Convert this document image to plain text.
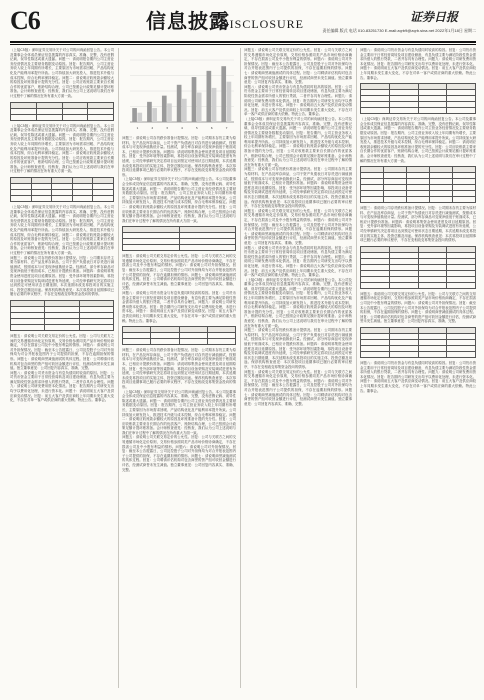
C6	信息披露
DISCLOSURE	证券日报
责任编辑 版式 电话 010-83251730 E-mail:zqrb9@zqrb.sina.net 2022年1月18日 星期二
（上接C5版）深圳证券交易所关于对公司的问询函回复公告。本公司及董事会全体成员保证信息披露的内容真实、准确、完整，没有虚假记载、误导性陈述或重大遗漏。问题一：请说明报告期内公司主营业务经营情况及主要财务数据变动原因。回复：报告期内，公司主营业务收入较上年同期有所增长，主要原因为市场需求回暖、产品结构优化及产能利用率提升所致。公司持续加大研发投入，推进技术升级与成本控制，综合毛利率保持稳定。问题二：请说明应收账款余额较大的原因及坏账准备计提的充分性。回复：公司应收账款主要来自长期合作的优质客户，账龄结构合理，公司已按照会计政策足额计提坏账准备。会计师核查意见：经核查，我们认为公司上述说明与我们在审计过程中了解的情况在所有重大方面一致。

（上接C5版）深圳证券交易所关于对公司的问询函回复公告。本公司及董事会全体成员保证信息披露的内容真实、准确、完整，没有虚假记载、误导性陈述或重大遗漏。问题一：请说明报告期内公司主营业务经营情况及主要财务数据变动原因。回复：报告期内，公司主营业务收入较上年同期有所增长，主要原因为市场需求回暖、产品结构优化及产能利用率提升所致。公司持续加大研发投入，推进技术升级与成本控制，综合毛利率保持稳定。问题二：请说明应收账款余额较大的原因及坏账准备计提的充分性。回复：公司应收账款主要来自长期合作的优质客户，账龄结构合理，公司已按照会计政策足额计提坏账准备。会计师核查意见：经核查，我们认为公司上述说明与我们在审计过程中了解的情况在所有重大方面一致。

（上接C5版）深圳证券交易所关于对公司的问询函回复公告。本公司及董事会全体成员保证信息披露的内容真实、准确、完整，没有虚假记载、误导性陈述或重大遗漏。问题一：请说明报告期内公司主营业务经营情况及主要财务数据变动原因。回复：报告期内，公司主营业务收入较上年同期有所增长，主要原因为市场需求回暖、产品结构优化及产能利用率提升所致。公司持续加大研发投入，推进技术升级与成本控制，综合毛利率保持稳定。问题二：请说明应收账款余额较大的原因及坏账准备计提的充分性。回复：公司应收账款主要来自长期合作的优质客户，账龄结构合理，公司已按照会计政策足额计提坏账准备。会计师核查意见：经核查，我们认为公司上述说明与我们在审计过程中了解的情况在所有重大方面一致。
问题三：请说明公司存货跌价准备计提情况。回复：公司期末存货主要为原材料、在产品及库存商品，公司于资产负债表日对存货进行减值测试，按照成本与可变现净值孰低计量。经测试，部分库存商品可变现净值低于账面成本，已相应计提跌价准备。问题四：请说明募集资金使用进度及项目延期原因。回复：受外部环境等因素影响，募投项目设备采购及安装调试进度有所延缓，公司经审慎研究决定将项目达到预定可使用状态日期延期，本次延期未改变募投项目的实施主体、投资总额及用途。保荐机构核查意见：本次募投项目延期事项已履行必要的审议程序，不存在变相改变募集资金投向的情形。

问题五：请说明公司关联交易定价的公允性。回复：公司与关联方之间的交易遵循市场化定价原则，交易价格参照同类产品市场价格协商确定，不存在损害公司及中小股东利益的情形。问题六：请说明公司对外担保情况。回复：截至本公告披露日，公司及控股子公司对外担保均为对合并报表范围内子公司提供的担保，不存在逾期担保的情形。问题七：请说明商誉减值测试的具体过程。回复：公司聘请评估机构对包含商誉的资产组可收回金额进行评估，经测试商誉未发生减值。独立董事意见：公司回复内容真实、准确、完整。
问题八：请说明公司货币资金与有息负债同时较高的原因。回复：公司货币资金主要用于日常经营周转及项目建设储备，有息负债主要为满足阶段性资金需求所借入的银行贷款，二者并存具有合理性。问题九：请说明公司研发费用资本化情况。回复：报告期内公司研发支出均予以费用化处理，未进行资本化。问题十：请说明前五大客户及供应商变动情况。回复：前五大客户及供应商较上年同期未发生重大变化，不存在对单一客户或供应商的重大依赖。特此公告。董事会。
1	2	3	4	5	6	7
问题三：请说明公司存货跌价准备计提情况。回复：公司期末存货主要为原材料、在产品及库存商品，公司于资产负债表日对存货进行减值测试，按照成本与可变现净值孰低计量。经测试，部分库存商品可变现净值低于账面成本，已相应计提跌价准备。问题四：请说明募集资金使用进度及项目延期原因。回复：受外部环境等因素影响，募投项目设备采购及安装调试进度有所延缓，公司经审慎研究决定将项目达到预定可使用状态日期延期，本次延期未改变募投项目的实施主体、投资总额及用途。保荐机构核查意见：本次募投项目延期事项已履行必要的审议程序，不存在变相改变募集资金投向的情形。
（上接C5版）深圳证券交易所关于对公司的问询函回复公告。本公司及董事会全体成员保证信息披露的内容真实、准确、完整，没有虚假记载、误导性陈述或重大遗漏。问题一：请说明报告期内公司主营业务经营情况及主要财务数据变动原因。回复：报告期内，公司主营业务收入较上年同期有所增长，主要原因为市场需求回暖、产品结构优化及产能利用率提升所致。公司持续加大研发投入，推进技术升级与成本控制，综合毛利率保持稳定。问题二：请说明应收账款余额较大的原因及坏账准备计提的充分性。回复：公司应收账款主要来自长期合作的优质客户，账龄结构合理，公司已按照会计政策足额计提坏账准备。会计师核查意见：经核查，我们认为公司上述说明与我们在审计过程中了解的情况在所有重大方面一致。

问题五：请说明公司关联交易定价的公允性。回复：公司与关联方之间的交易遵循市场化定价原则，交易价格参照同类产品市场价格协商确定，不存在损害公司及中小股东利益的情形。问题六：请说明公司对外担保情况。回复：截至本公告披露日，公司及控股子公司对外担保均为对合并报表范围内子公司提供的担保，不存在逾期担保的情形。问题七：请说明商誉减值测试的具体过程。回复：公司聘请评估机构对包含商誉的资产组可收回金额进行评估，经测试商誉未发生减值。独立董事意见：公司回复内容真实、准确、完整。
问题八：请说明公司货币资金与有息负债同时较高的原因。回复：公司货币资金主要用于日常经营周转及项目建设储备，有息负债主要为满足阶段性资金需求所借入的银行贷款，二者并存具有合理性。问题九：请说明公司研发费用资本化情况。回复：报告期内公司研发支出均予以费用化处理，未进行资本化。问题十：请说明前五大客户及供应商变动情况。回复：前五大客户及供应商较上年同期未发生重大变化，不存在对单一客户或供应商的重大依赖。特此公告。董事会。

问题三：请说明公司存货跌价准备计提情况。回复：公司期末存货主要为原材料、在产品及库存商品，公司于资产负债表日对存货进行减值测试，按照成本与可变现净值孰低计量。经测试，部分库存商品可变现净值低于账面成本，已相应计提跌价准备。问题四：请说明募集资金使用进度及项目延期原因。回复：受外部环境等因素影响，募投项目设备采购及安装调试进度有所延缓，公司经审慎研究决定将项目达到预定可使用状态日期延期，本次延期未改变募投项目的实施主体、投资总额及用途。保荐机构核查意见：本次募投项目延期事项已履行必要的审议程序，不存在变相改变募集资金投向的情形。
（上接C5版）深圳证券交易所关于对公司的问询函回复公告。本公司及董事会全体成员保证信息披露的内容真实、准确、完整，没有虚假记载、误导性陈述或重大遗漏。问题一：请说明报告期内公司主营业务经营情况及主要财务数据变动原因。回复：报告期内，公司主营业务收入较上年同期有所增长，主要原因为市场需求回暖、产品结构优化及产能利用率提升所致。公司持续加大研发投入，推进技术升级与成本控制，综合毛利率保持稳定。问题二：请说明应收账款余额较大的原因及坏账准备计提的充分性。回复：公司应收账款主要来自长期合作的优质客户，账龄结构合理，公司已按照会计政策足额计提坏账准备。会计师核查意见：经核查，我们认为公司上述说明与我们在审计过程中了解的情况在所有重大方面一致。
问题五：请说明公司关联交易定价的公允性。回复：公司与关联方之间的交易遵循市场化定价原则，交易价格参照同类产品市场价格协商确定，不存在损害公司及中小股东利益的情形。问题六：请说明公司对外担保情况。回复：截至本公告披露日，公司及控股子公司对外担保均为对合并报表范围内子公司提供的担保，不存在逾期担保的情形。问题七：请说明商誉减值测试的具体过程。回复：公司聘请评估机构对包含商誉的资产组可收回金额进行评估，经测试商誉未发生减值。独立董事意见：公司回复内容真实、准确、完整。
问题五：请说明公司关联交易定价的公允性。回复：公司与关联方之间的交易遵循市场化定价原则，交易价格参照同类产品市场价格协商确定，不存在损害公司及中小股东利益的情形。问题六：请说明公司对外担保情况。回复：截至本公告披露日，公司及控股子公司对外担保均为对合并报表范围内子公司提供的担保，不存在逾期担保的情形。问题七：请说明商誉减值测试的具体过程。回复：公司聘请评估机构对包含商誉的资产组可收回金额进行评估，经测试商誉未发生减值。独立董事意见：公司回复内容真实、准确、完整。
问题八：请说明公司货币资金与有息负债同时较高的原因。回复：公司货币资金主要用于日常经营周转及项目建设储备，有息负债主要为满足阶段性资金需求所借入的银行贷款，二者并存具有合理性。问题九：请说明公司研发费用资本化情况。回复：报告期内公司研发支出均予以费用化处理，未进行资本化。问题十：请说明前五大客户及供应商变动情况。回复：前五大客户及供应商较上年同期未发生重大变化，不存在对单一客户或供应商的重大依赖。特此公告。董事会。
（上接C5版）深圳证券交易所关于对公司的问询函回复公告。本公司及董事会全体成员保证信息披露的内容真实、准确、完整，没有虚假记载、误导性陈述或重大遗漏。问题一：请说明报告期内公司主营业务经营情况及主要财务数据变动原因。回复：报告期内，公司主营业务收入较上年同期有所增长，主要原因为市场需求回暖、产品结构优化及产能利用率提升所致。公司持续加大研发投入，推进技术升级与成本控制，综合毛利率保持稳定。问题二：请说明应收账款余额较大的原因及坏账准备计提的充分性。回复：公司应收账款主要来自长期合作的优质客户，账龄结构合理，公司已按照会计政策足额计提坏账准备。会计师核查意见：经核查，我们认为公司上述说明与我们在审计过程中了解的情况在所有重大方面一致。
问题三：请说明公司存货跌价准备计提情况。回复：公司期末存货主要为原材料、在产品及库存商品，公司于资产负债表日对存货进行减值测试，按照成本与可变现净值孰低计量。经测试，部分库存商品可变现净值低于账面成本，已相应计提跌价准备。问题四：请说明募集资金使用进度及项目延期原因。回复：受外部环境等因素影响，募投项目设备采购及安装调试进度有所延缓，公司经审慎研究决定将项目达到预定可使用状态日期延期，本次延期未改变募投项目的实施主体、投资总额及用途。保荐机构核查意见：本次募投项目延期事项已履行必要的审议程序，不存在变相改变募集资金投向的情形。
问题五：请说明公司关联交易定价的公允性。回复：公司与关联方之间的交易遵循市场化定价原则，交易价格参照同类产品市场价格协商确定，不存在损害公司及中小股东利益的情形。问题六：请说明公司对外担保情况。回复：截至本公告披露日，公司及控股子公司对外担保均为对合并报表范围内子公司提供的担保，不存在逾期担保的情形。问题七：请说明商誉减值测试的具体过程。回复：公司聘请评估机构对包含商誉的资产组可收回金额进行评估，经测试商誉未发生减值。独立董事意见：公司回复内容真实、准确、完整。
问题八：请说明公司货币资金与有息负债同时较高的原因。回复：公司货币资金主要用于日常经营周转及项目建设储备，有息负债主要为满足阶段性资金需求所借入的银行贷款，二者并存具有合理性。问题九：请说明公司研发费用资本化情况。回复：报告期内公司研发支出均予以费用化处理，未进行资本化。问题十：请说明前五大客户及供应商变动情况。回复：前五大客户及供应商较上年同期未发生重大变化，不存在对单一客户或供应商的重大依赖。特此公告。董事会。
（上接C5版）深圳证券交易所关于对公司的问询函回复公告。本公司及董事会全体成员保证信息披露的内容真实、准确、完整，没有虚假记载、误导性陈述或重大遗漏。问题一：请说明报告期内公司主营业务经营情况及主要财务数据变动原因。回复：报告期内，公司主营业务收入较上年同期有所增长，主要原因为市场需求回暖、产品结构优化及产能利用率提升所致。公司持续加大研发投入，推进技术升级与成本控制，综合毛利率保持稳定。问题二：请说明应收账款余额较大的原因及坏账准备计提的充分性。回复：公司应收账款主要来自长期合作的优质客户，账龄结构合理，公司已按照会计政策足额计提坏账准备。会计师核查意见：经核查，我们认为公司上述说明与我们在审计过程中了解的情况在所有重大方面一致。
问题三：请说明公司存货跌价准备计提情况。回复：公司期末存货主要为原材料、在产品及库存商品，公司于资产负债表日对存货进行减值测试，按照成本与可变现净值孰低计量。经测试，部分库存商品可变现净值低于账面成本，已相应计提跌价准备。问题四：请说明募集资金使用进度及项目延期原因。回复：受外部环境等因素影响，募投项目设备采购及安装调试进度有所延缓，公司经审慎研究决定将项目达到预定可使用状态日期延期，本次延期未改变募投项目的实施主体、投资总额及用途。保荐机构核查意见：本次募投项目延期事项已履行必要的审议程序，不存在变相改变募集资金投向的情形。
问题五：请说明公司关联交易定价的公允性。回复：公司与关联方之间的交易遵循市场化定价原则，交易价格参照同类产品市场价格协商确定，不存在损害公司及中小股东利益的情形。问题六：请说明公司对外担保情况。回复：截至本公告披露日，公司及控股子公司对外担保均为对合并报表范围内子公司提供的担保，不存在逾期担保的情形。问题七：请说明商誉减值测试的具体过程。回复：公司聘请评估机构对包含商誉的资产组可收回金额进行评估，经测试商誉未发生减值。独立董事意见：公司回复内容真实、准确、完整。
问题八：请说明公司货币资金与有息负债同时较高的原因。回复：公司货币资金主要用于日常经营周转及项目建设储备，有息负债主要为满足阶段性资金需求所借入的银行贷款，二者并存具有合理性。问题九：请说明公司研发费用资本化情况。回复：报告期内公司研发支出均予以费用化处理，未进行资本化。问题十：请说明前五大客户及供应商变动情况。回复：前五大客户及供应商较上年同期未发生重大变化，不存在对单一客户或供应商的重大依赖。特此公告。董事会。

（上接C5版）深圳证券交易所关于对公司的问询函回复公告。本公司及董事会全体成员保证信息披露的内容真实、准确、完整，没有虚假记载、误导性陈述或重大遗漏。问题一：请说明报告期内公司主营业务经营情况及主要财务数据变动原因。回复：报告期内，公司主营业务收入较上年同期有所增长，主要原因为市场需求回暖、产品结构优化及产能利用率提升所致。公司持续加大研发投入，推进技术升级与成本控制，综合毛利率保持稳定。问题二：请说明应收账款余额较大的原因及坏账准备计提的充分性。回复：公司应收账款主要来自长期合作的优质客户，账龄结构合理，公司已按照会计政策足额计提坏账准备。会计师核查意见：经核查，我们认为公司上述说明与我们在审计过程中了解的情况在所有重大方面一致。

问题三：请说明公司存货跌价准备计提情况。回复：公司期末存货主要为原材料、在产品及库存商品，公司于资产负债表日对存货进行减值测试，按照成本与可变现净值孰低计量。经测试，部分库存商品可变现净值低于账面成本，已相应计提跌价准备。问题四：请说明募集资金使用进度及项目延期原因。回复：受外部环境等因素影响，募投项目设备采购及安装调试进度有所延缓，公司经审慎研究决定将项目达到预定可使用状态日期延期，本次延期未改变募投项目的实施主体、投资总额及用途。保荐机构核查意见：本次募投项目延期事项已履行必要的审议程序，不存在变相改变募集资金投向的情形。

问题五：请说明公司关联交易定价的公允性。回复：公司与关联方之间的交易遵循市场化定价原则，交易价格参照同类产品市场价格协商确定，不存在损害公司及中小股东利益的情形。问题六：请说明公司对外担保情况。回复：截至本公告披露日，公司及控股子公司对外担保均为对合并报表范围内子公司提供的担保，不存在逾期担保的情形。问题七：请说明商誉减值测试的具体过程。回复：公司聘请评估机构对包含商誉的资产组可收回金额进行评估，经测试商誉未发生减值。独立董事意见：公司回复内容真实、准确、完整。

问题八：请说明公司货币资金与有息负债同时较高的原因。回复：公司货币资金主要用于日常经营周转及项目建设储备，有息负债主要为满足阶段性资金需求所借入的银行贷款，二者并存具有合理性。问题九：请说明公司研发费用资本化情况。回复：报告期内公司研发支出均予以费用化处理，未进行资本化。问题十：请说明前五大客户及供应商变动情况。回复：前五大客户及供应商较上年同期未发生重大变化，不存在对单一客户或供应商的重大依赖。特此公告。董事会。
